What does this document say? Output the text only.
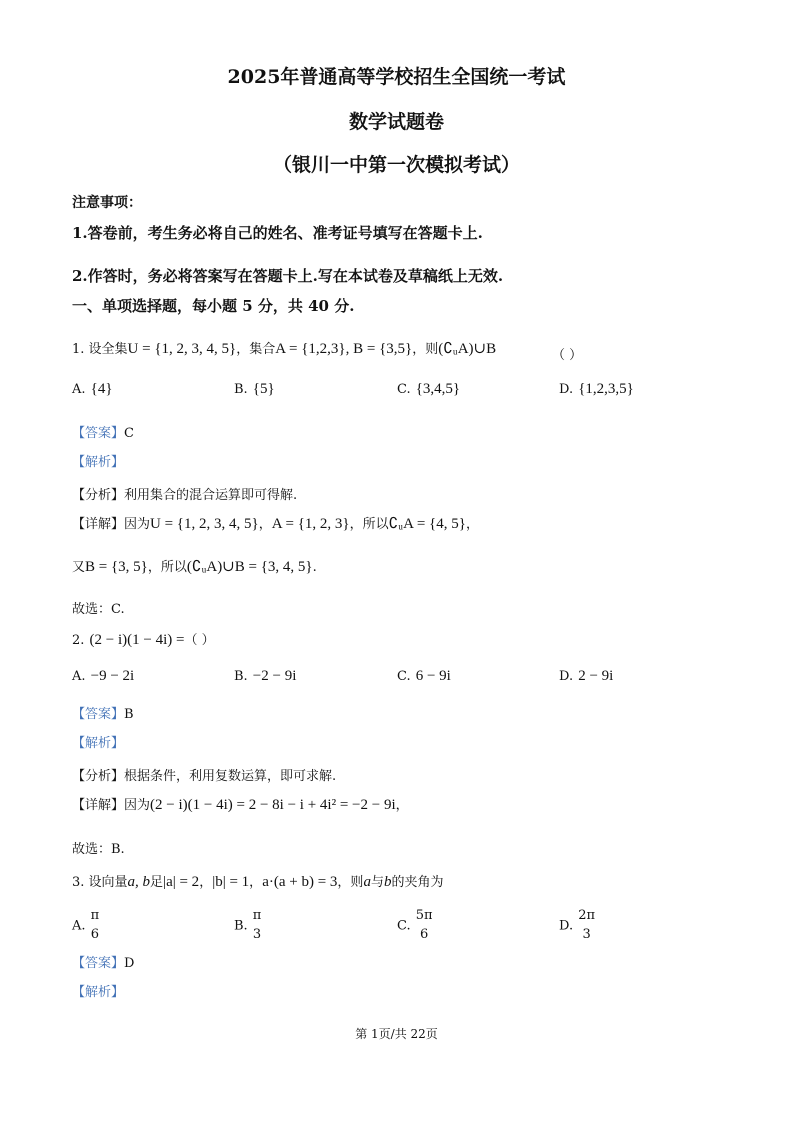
2025年普通高等学校招生全国统一考试
数学试题卷
（银川一中第一次模拟考试）
注意事项：
1.答卷前，考生务必将自己的姓名、准考证号填写在答题卡上.
2.作答时，务必将答案写在答题卡上.写在本试卷及草稿纸上无效.
一、单项选择题，每小题 5 分，共 40 分.
1. 设全集U = {1, 2, 3, 4, 5}，集合A = {1,2,3}, B = {3,5}，则(∁ᵤA)∪B	（ ）
A. {4}	B. {5}	C. {3,4,5}	D. {1,2,3,5}
【答案】C
【解析】
【分析】利用集合的混合运算即可得解.
【详解】因为U = {1, 2, 3, 4, 5}，A = {1, 2, 3}，所以∁ᵤA = {4, 5}，
又B = {3, 5}，所以(∁ᵤA)∪B = {3, 4, 5}.
故选：C.
2. (2 − i)(1 − 4i) =（ ）
A. −9 − 2i	B. −2 − 9i	C. 6 − 9i	D. 2 − 9i
【答案】B
【解析】
【分析】根据条件，利用复数运算，即可求解.
【详解】因为(2 − i)(1 − 4i) = 2 − 8i − i + 4i² = −2 − 9i，
故选：B.
3. 设向量a, b足|a| = 2，|b| = 1，a·(a + b) = 3，则a与b的夹角为
A.
π
6
B.
π
3
C.
5π
6
D.
2π
3
【答案】D
【解析】
第 1页/共 22页
